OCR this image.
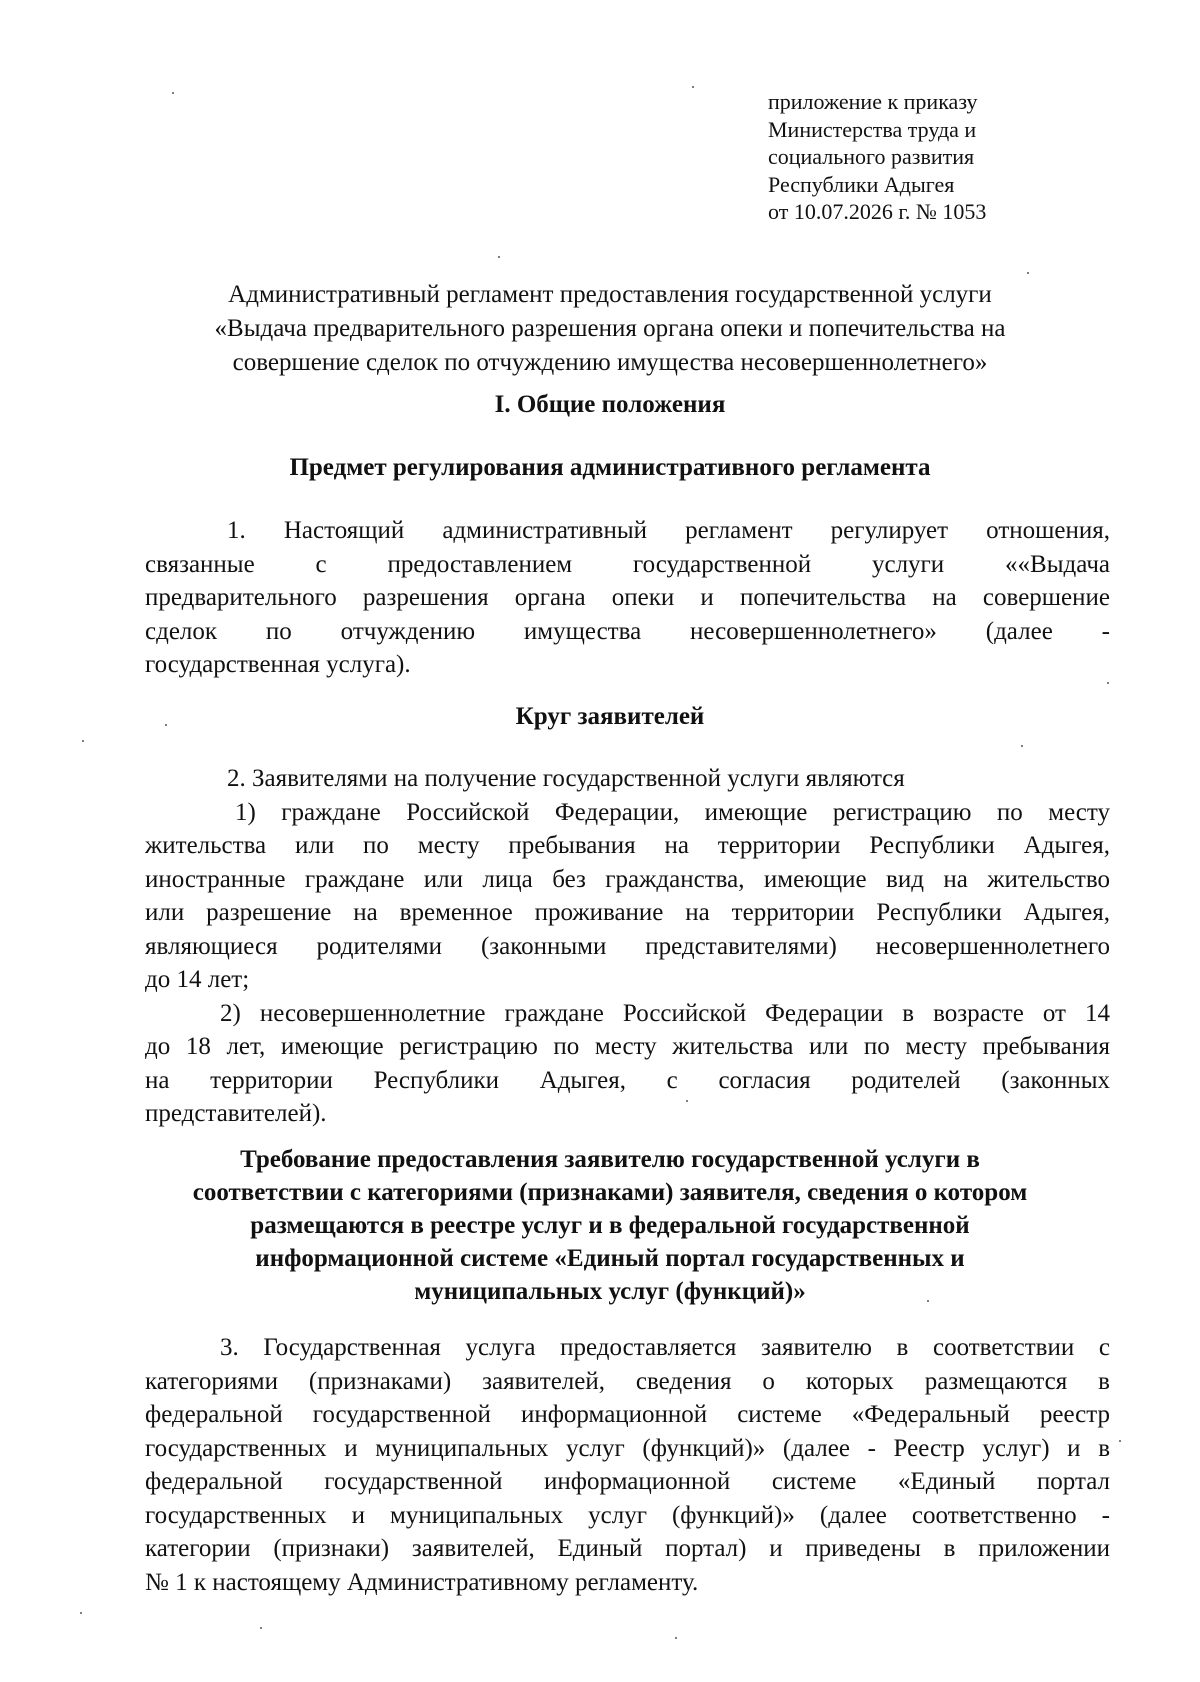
приложение к приказу
Министерства труда и
социального развития
Республики Адыгея
от 10.07.2026 г. № 1053
Административный регламент предоставления государственной услуги
«Выдача предварительного разрешения органа опеки и попечительства на
совершение сделок по отчуждению имущества несовершеннолетнего»
I. Общие положения
Предмет регулирования административного регламента
1. Настоящий административный регламент регулирует отношения,
связанные с предоставлением государственной услуги ««Выдача
предварительного разрешения органа опеки и попечительства на совершение
сделок по отчуждению имущества несовершеннолетнего» (далее -
государственная услуга).
Круг заявителей
2. Заявителями на получение государственной услуги являются
1) граждане Российской Федерации, имеющие регистрацию по месту
жительства или по месту пребывания на территории Республики Адыгея,
иностранные граждане или лица без гражданства, имеющие вид на жительство
или разрешение на временное проживание на территории Республики Адыгея,
являющиеся родителями (законными представителями) несовершеннолетнего
до 14 лет;
2) несовершеннолетние граждане Российской Федерации в возрасте от 14
до 18 лет, имеющие регистрацию по месту жительства или по месту пребывания
на территории Республики Адыгея, с согласия родителей (законных
представителей).
Требование предоставления заявителю государственной услуги в
соответствии с категориями (признаками) заявителя, сведения о котором
размещаются в реестре услуг и в федеральной государственной
информационной системе «Единый портал государственных и
муниципальных услуг (функций)»
3. Государственная услуга предоставляется заявителю в соответствии с
категориями (признаками) заявителей, сведения о которых размещаются в
федеральной государственной информационной системе «Федеральный реестр
государственных и муниципальных услуг (функций)» (далее - Реестр услуг) и в
федеральной государственной информационной системе «Единый портал
государственных и муниципальных услуг (функций)» (далее соответственно -
категории (признаки) заявителей, Единый портал) и приведены в приложении
№ 1 к настоящему Административному регламенту.
